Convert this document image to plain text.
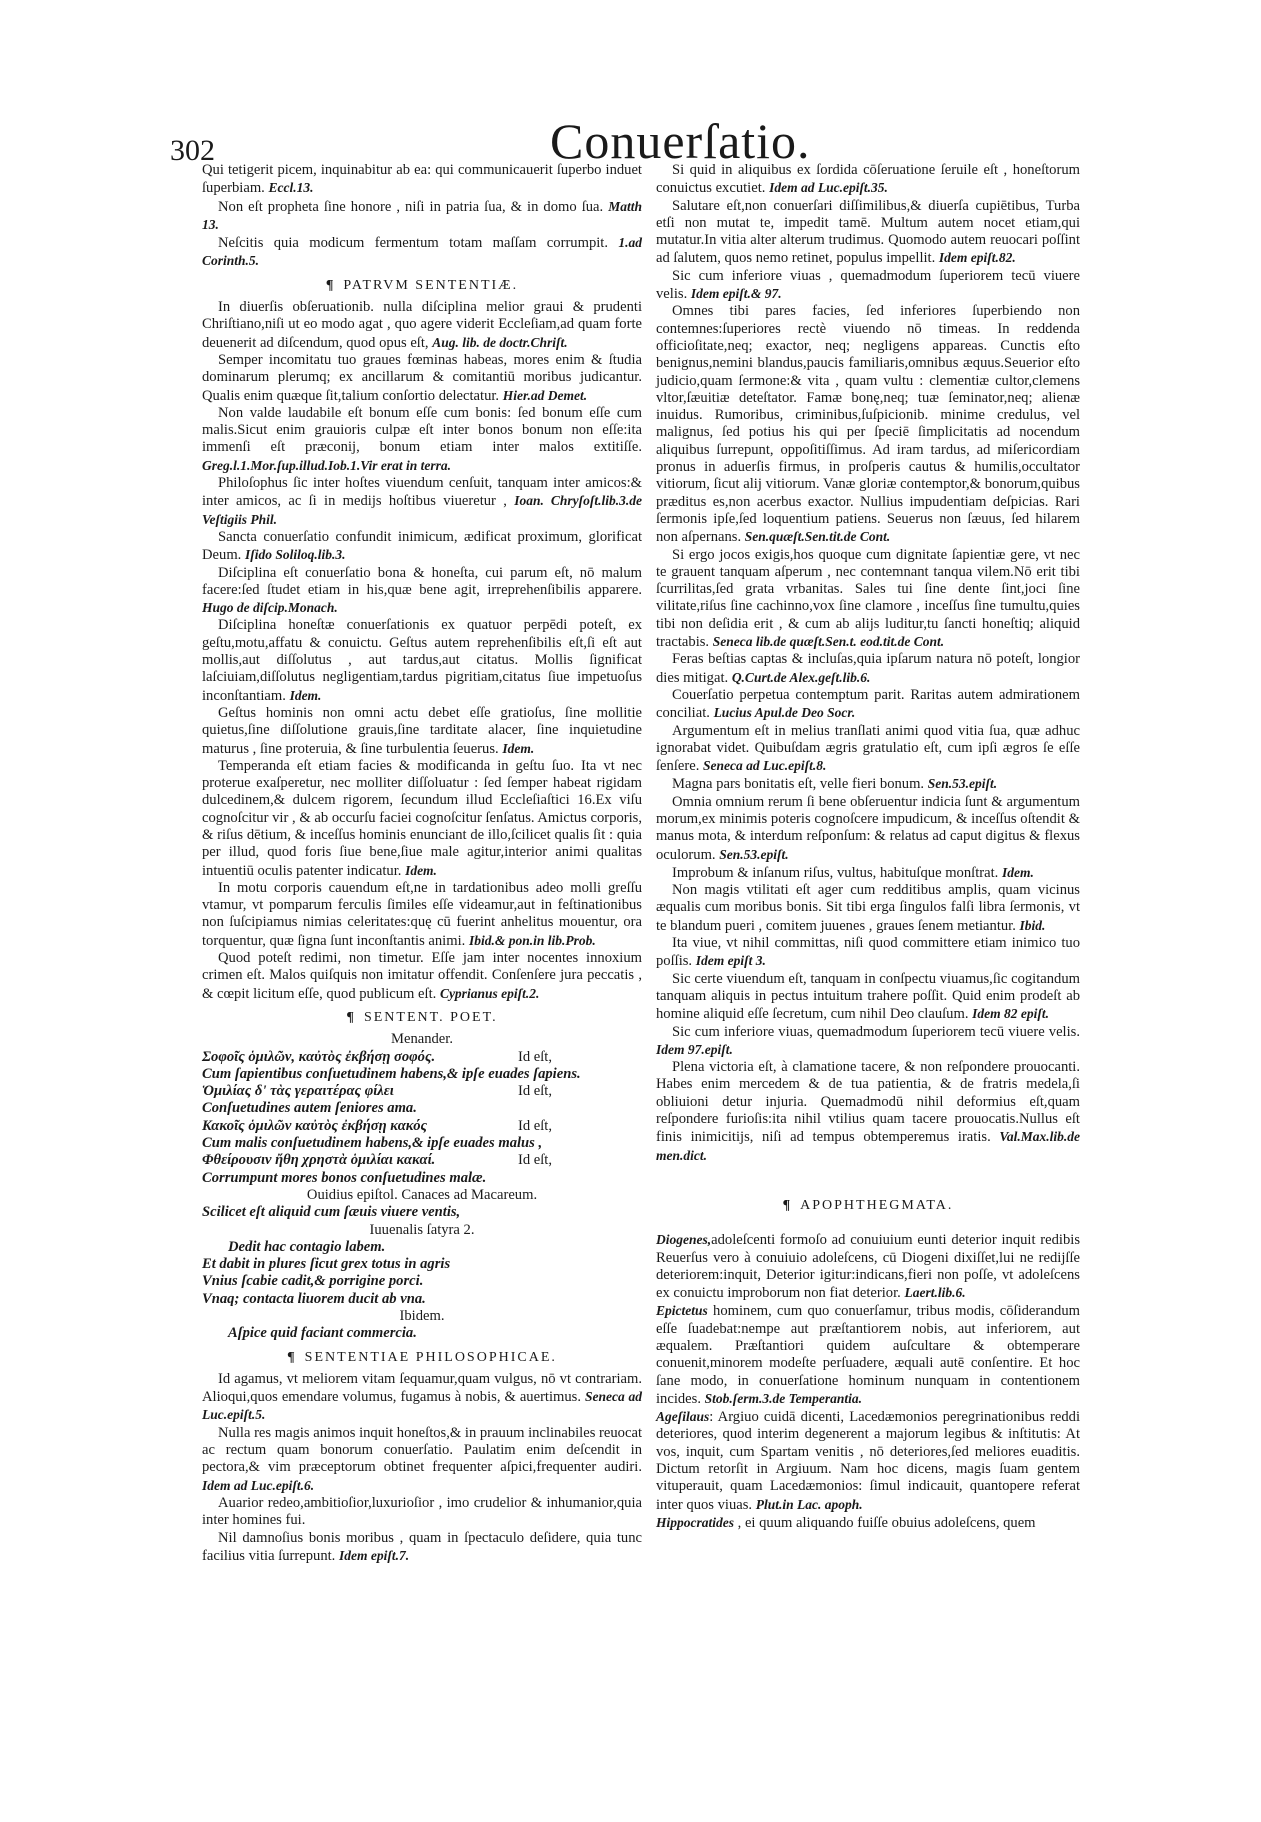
302	Conuerſatio.

Qui tetigerit picem, inquinabitur ab ea: qui communicauerit ſuperbo induet ſuperbiam. Eccl.13.

Non eſt propheta ſine honore , niſi in patria ſua, & in domo ſua. Matth 13.

Neſcitis quia modicum fermentum totam maſſam corrumpit. 1.ad Corinth.5.

¶ PATRVM SENTENTIÆ.

In diuerſis obſeruationib. nulla diſciplina melior graui & prudenti Chriſtiano,niſi ut eo modo agat , quo agere viderit Eccleſiam,ad quam forte deuenerit ad diſcendum, quod opus eſt, Aug. lib. de doctr.Chriſt.

Semper incomitatu tuo graues fœminas habeas, mores enim & ſtudia dominarum plerumq; ex ancillarum & comitantiū moribus judicantur. Qualis enim quæque ſit,talium conſortio delectatur. Hier.ad Demet.

Non valde laudabile eſt bonum eſſe cum bonis: ſed bonum eſſe cum malis.Sicut enim grauioris culpæ eſt inter bonos bonum non eſſe:ita immenſi eſt præconij, bonum etiam inter malos extitiſſe. Greg.l.1.Mor.ſup.illud.Iob.1.Vir erat in terra.

Philoſophus ſic inter hoſtes viuendum cenſuit, tanquam inter amicos:& inter amicos, ac ſi in medijs hoſtibus viueretur , Ioan. Chryſoſt.lib.3.de Veſtigiis Phil.

Sancta conuerſatio confundit inimicum, ædificat proximum, glorificat Deum. Iſido Soliloq.lib.3.

Diſciplina eſt conuerſatio bona & honeſta, cui parum eſt, nō malum facere:ſed ſtudet etiam in his,quæ bene agit, irreprehenſibilis apparere. Hugo de diſcip.Monach.

Diſciplina honeſtæ conuerſationis ex quatuor perpēdi poteſt, ex geſtu,motu,affatu & conuictu. Geſtus autem reprehenſibilis eſt,ſi eſt aut mollis,aut diſſolutus , aut tardus,aut citatus. Mollis ſignificat laſciuiam,diſſolutus negligentiam,tardus pigritiam,citatus ſiue impetuoſus inconſtantiam. Idem.

Geſtus hominis non omni actu debet eſſe gratioſus, ſine mollitie quietus,ſine diſſolutione grauis,ſine tarditate alacer, ſine inquietudine maturus , ſine proteruia, & ſine turbulentia ſeuerus. Idem.

Temperanda eſt etiam facies & modificanda in geſtu ſuo. Ita vt nec proterue exaſperetur, nec molliter diſſoluatur : ſed ſemper habeat rigidam dulcedinem,& dulcem rigorem, ſecundum illud Eccleſiaſtici 16.Ex viſu cognoſcitur vir , & ab occurſu faciei cognoſcitur ſenſatus. Amictus corporis, & riſus dētium, & inceſſus hominis enunciant de illo,ſcilicet qualis ſit : quia per illud, quod foris ſiue bene,ſiue male agitur,interior animi qualitas intuentiū oculis patenter indicatur. Idem.

In motu corporis cauendum eſt,ne in tardationibus adeo molli greſſu vtamur, vt pomparum ferculis ſimiles eſſe videamur,aut in feſtinationibus non ſuſcipiamus nimias celeritates:quę cū fuerint anhelitus mouentur, ora torquentur, quæ ſigna ſunt inconſtantis animi. Ibid.& pon.in lib.Prob.

Quod poteſt redimi, non timetur. Eſſe jam inter nocentes innoxium crimen eſt. Malos quiſquis non imitatur offendit. Conſenſere jura peccatis , & cœpit licitum eſſe, quod publicum eſt. Cyprianus epiſt.2.

¶ SENTENT. POET.

Menander.

Σοφοῖς ὁμιλῶν, καὐτὸς ἐκβήσῃ σοφός.	Id eſt,

Cum ſapientibus conſuetudinem habens,& ipſe euades ſapiens.

Ὁμιλίας δ' τὰς γεραιτέρας φίλει	Id eſt,

Conſuetudines autem ſeniores ama.

Κακοῖς ὁμιλῶν καὐτὸς ἐκβήσῃ κακός	Id eſt,

Cum malis conſuetudinem habens,& ipſe euades malus ,

Φθείρουσιν ἤθη χρηστὰ ὁμιλίαι κακαί.	Id eſt,

Corrumpunt mores bonos conſuetudines malæ.

Ouidius epiſtol. Canaces ad Macareum.

Scilicet eſt aliquid cum ſæuis viuere ventis,

Iuuenalis ſatyra 2.

Dedit hac contagio labem.

Et dabit in plures ſicut grex totus in agris

Vnius ſcabie cadit,& porrigine porci.

Vnaq; contacta liuorem ducit ab vna.

Ibidem.

Aſpice quid faciant commercia.

¶ SENTENTIAE PHILOSOPHICAE.

Id agamus, vt meliorem vitam ſequamur,quam vulgus, nō vt contrariam. Alioqui,quos emendare volumus, fugamus à nobis, & auertimus. Seneca ad Luc.epiſt.5.

Nulla res magis animos inquit honeſtos,& in prauum inclinabiles reuocat ac rectum quam bonorum conuerſatio. Paulatim enim deſcendit in pectora,& vim præceptorum obtinet frequenter aſpici,frequenter audiri. Idem ad Luc.epiſt.6.

Auarior redeo,ambitioſior,luxurioſior , imo crudelior & inhumanior,quia inter homines fui.

Nil damnoſius bonis moribus , quam in ſpectaculo deſidere, quia tunc facilius vitia ſurrepunt. Idem epiſt.7.

Si quid in aliquibus ex ſordida cōſeruatione ſeruile eſt , honeſtorum conuictus excutiet. Idem ad Luc.epiſt.35.

Salutare eſt,non conuerſari diſſimilibus,& diuerſa cupiētibus, Turba etſi non mutat te, impedit tamē. Multum autem nocet etiam,qui mutatur.In vitia alter alterum trudimus. Quomodo autem reuocari poſſint ad ſalutem, quos nemo retinet, populus impellit. Idem epiſt.82.

Sic cum inferiore viuas , quemadmodum ſuperiorem tecū viuere velis. Idem epiſt.& 97.

Omnes tibi pares facies, ſed inferiores ſuperbiendo non contemnes:ſuperiores rectè viuendo nō timeas. In reddenda officioſitate,neq; exactor, neq; negligens appareas. Cunctis eſto benignus,nemini blandus,paucis familiaris,omnibus æquus.Seuerior eſto judicio,quam ſermone:& vita , quam vultu : clementiæ cultor,clemens vltor,ſæuitiæ deteſtator. Famæ bonę,neq; tuæ ſeminator,neq; alienæ inuidus. Rumoribus, criminibus,ſuſpicionib. minime credulus, vel malignus, ſed potius his qui per ſpeciē ſimplicitatis ad nocendum aliquibus ſurrepunt, oppoſitiſſimus. Ad iram tardus, ad miſericordiam pronus in aduerſis firmus, in proſperis cautus & humilis,occultator vitiorum, ſicut alij vitiorum. Vanæ gloriæ contemptor,& bonorum,quibus præditus es,non acerbus exactor. Nullius impudentiam deſpicias. Rari ſermonis ipſe,ſed loquentium patiens. Seuerus non ſæuus, ſed hilarem non aſpernans. Sen.quæſt.Sen.tit.de Cont.

Si ergo jocos exigis,hos quoque cum dignitate ſapientiæ gere, vt nec te grauent tanquam aſperum , nec contemnant tanqua vilem.Nō erit tibi ſcurrilitas,ſed grata vrbanitas. Sales tui ſine dente ſint,joci ſine vilitate,riſus ſine cachinno,vox ſine clamore , inceſſus ſine tumultu,quies tibi non deſidia erit , & cum ab alijs luditur,tu ſancti honeſtiq; aliquid tractabis. Seneca lib.de quæſt.Sen.t. eod.tit.de Cont.

Feras beſtias captas & incluſas,quia ipſarum natura nō poteſt, longior dies mitigat. Q.Curt.de Alex.geſt.lib.6.

Couerſatio perpetua contemptum parit. Raritas autem admirationem conciliat. Lucius Apul.de Deo Socr.

Argumentum eſt in melius tranſlati animi quod vitia ſua, quæ adhuc ignorabat videt. Quibuſdam ægris gratulatio eſt, cum ipſi ægros ſe eſſe ſenſere. Seneca ad Luc.epiſt.8.

Magna pars bonitatis eſt, velle fieri bonum. Sen.53.epiſt.

Omnia omnium rerum ſi bene obſeruentur indicia ſunt & argumentum morum,ex minimis poteris cognoſcere impudicum, & inceſſus oſtendit & manus mota, & interdum reſponſum: & relatus ad caput digitus & flexus oculorum. Sen.53.epiſt.

Improbum & inſanum riſus, vultus, habituſque monſtrat. Idem.

Non magis vtilitati eſt ager cum redditibus amplis, quam vicinus æqualis cum moribus bonis. Sit tibi erga ſingulos falſi libra ſermonis, vt te blandum pueri , comitem juuenes , graues ſenem metiantur. Ibid.

Ita viue, vt nihil committas, niſi quod committere etiam inimico tuo poſſis. Idem epiſt 3.

Sic certe viuendum eſt, tanquam in conſpectu viuamus,ſic cogitandum tanquam aliquis in pectus intuitum trahere poſſit. Quid enim prodeſt ab homine aliquid eſſe ſecretum, cum nihil Deo clauſum. Idem 82 epiſt.

Sic cum inferiore viuas, quemadmodum ſuperiorem tecū viuere velis. Idem 97.epiſt.

Plena victoria eſt, à clamatione tacere, & non reſpondere prouocanti. Habes enim mercedem & de tua patientia, & de fratris medela,ſi obliuioni detur injuria. Quemadmodū nihil deformius eſt,quam reſpondere furioſis:ita nihil vtilius quam tacere prouocatis.Nullus eſt finis inimicitijs, niſi ad tempus obtemperemus iratis. Val.Max.lib.de men.dict.

¶ APOPHTHEGMATA.

Diogenes,adoleſcenti formoſo ad conuiuium eunti deterior inquit redibis Reuerſus vero à conuiuio adoleſcens, cū Diogeni dixiſſet,lui ne redijſſe deteriorem:inquit, Deterior igitur:indicans,fieri non poſſe, vt adoleſcens ex conuictu improborum non fiat deterior. Laert.lib.6.

Epictetus hominem, cum quo conuerſamur, tribus modis, cōſiderandum eſſe ſuadebat:nempe aut præſtantiorem nobis, aut inferiorem, aut æqualem. Præſtantiori quidem auſcultare & obtemperare conuenit,minorem modeſte perſuadere, æquali autē conſentire. Et hoc ſane modo, in conuerſatione hominum nunquam in contentionem incides. Stob.ſerm.3.de Temperantia.

Ageſilaus: Argiuo cuidā dicenti, Lacedæmonios peregrinationibus reddi deteriores, quod interim degenerent a majorum legibus & inſtitutis: At vos, inquit, cum Spartam venitis , nō deteriores,ſed meliores euaditis. Dictum retorſit in Argiuum. Nam hoc dicens, magis ſuam gentem vituperauit, quam Lacedæmonios: ſimul indicauit, quantopere referat inter quos viuas. Plut.in Lac. apoph.

Hippocratides , ei quum aliquando fuiſſe obuius adoleſcens, quem
